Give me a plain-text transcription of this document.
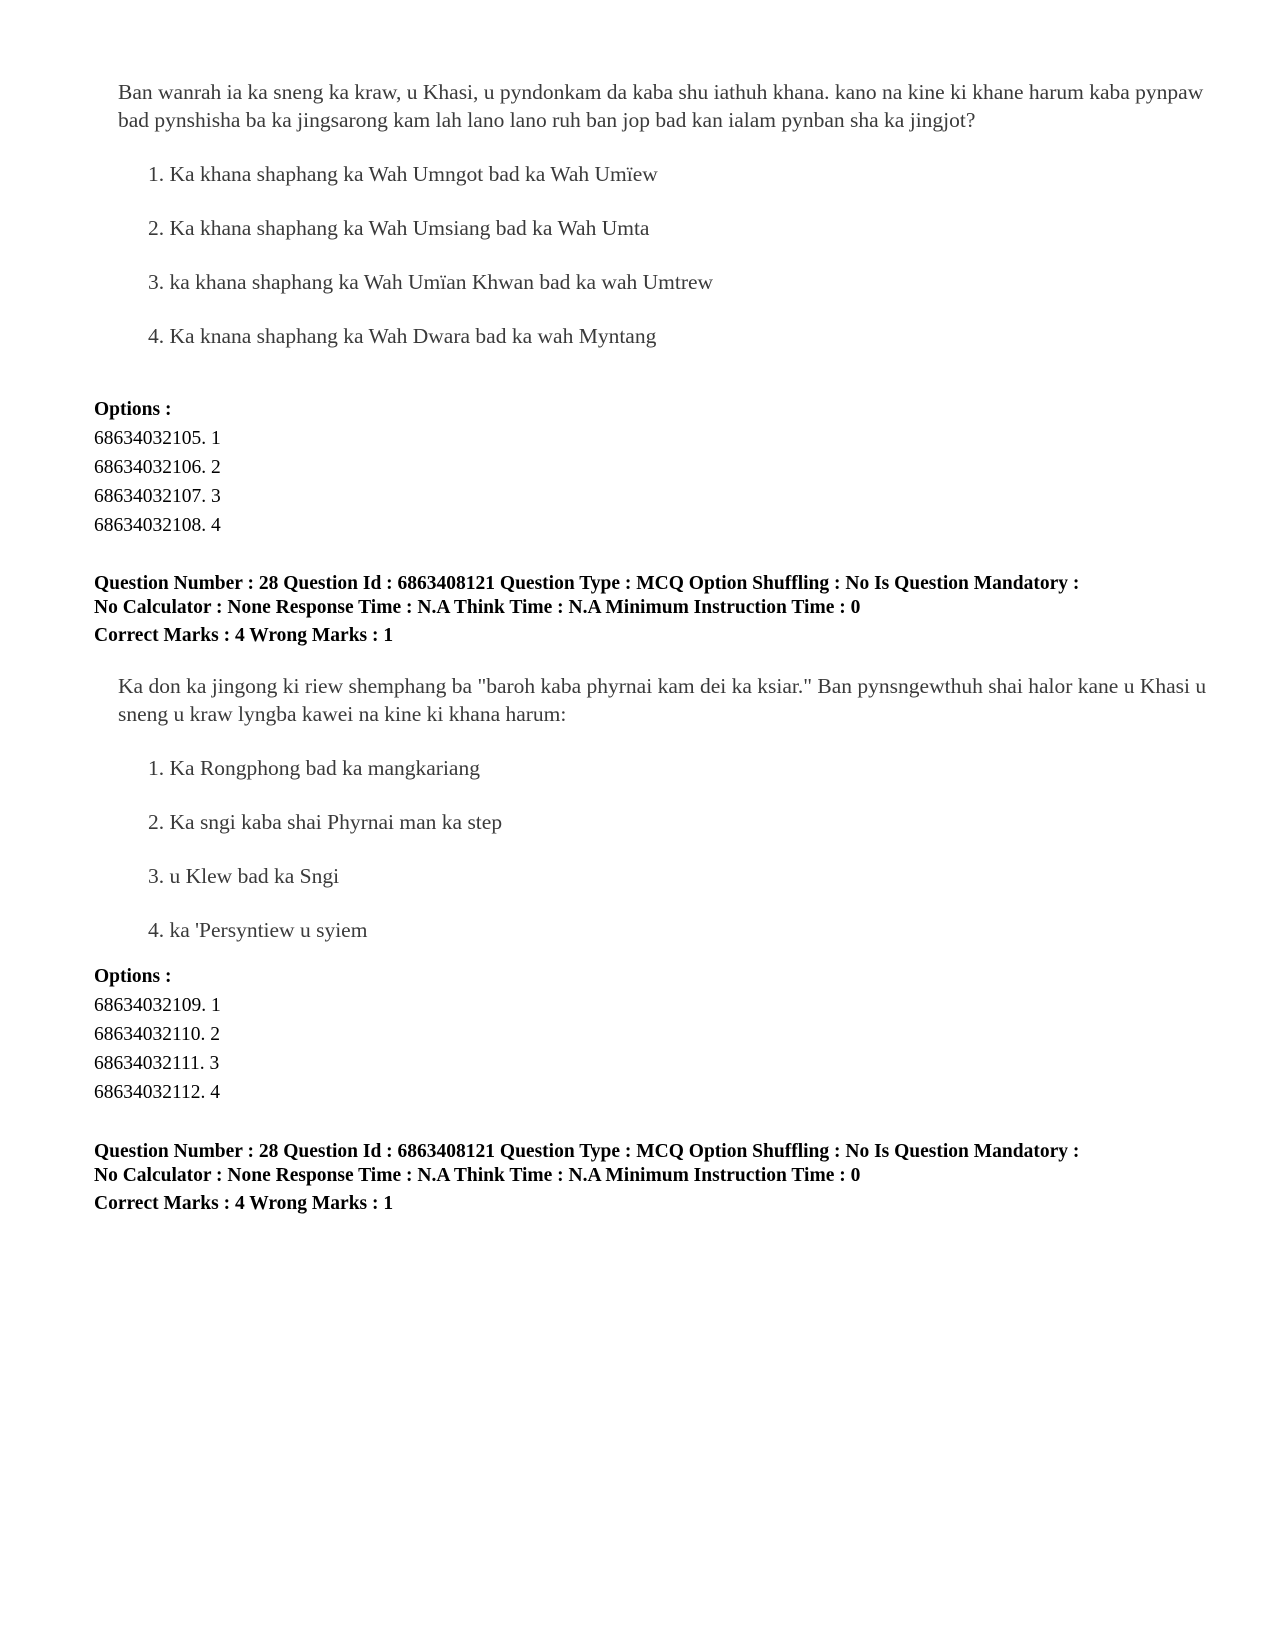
Ban wanrah ia ka sneng ka kraw, u Khasi, u pyndonkam da kaba shu iathuh khana. kano na kine ki khane harum kaba pynpaw bad pynshisha ba ka jingsarong kam lah lano lano ruh ban jop bad kan ialam pynban sha ka jingjot?

1. Ka khana shaphang ka Wah Umngot bad ka Wah Umïew
2. Ka khana shaphang ka Wah Umsiang bad ka Wah Umta
3. ka khana shaphang ka Wah Umïan Khwan bad ka wah Umtrew
4. Ka knana shaphang ka Wah Dwara bad ka wah Myntang
Options :
68634032105. 1
68634032106. 2
68634032107. 3
68634032108. 4
Question Number : 28 Question Id : 6863408121 Question Type : MCQ Option Shuffling : No Is Question Mandatory :
No Calculator : None Response Time : N.A Think Time : N.A Minimum Instruction Time : 0
Correct Marks : 4 Wrong Marks : 1

Ka don ka jingong ki riew shemphang ba "baroh kaba phyrnai kam dei ka ksiar." Ban pynsngewthuh shai halor kane u Khasi u sneng u kraw lyngba kawei na kine ki khana harum:

1. Ka Rongphong bad ka mangkariang
2. Ka sngi kaba shai Phyrnai man ka step
3. u Klew bad ka Sngi
4. ka 'Persyntiew u syiem
Options :
68634032109. 1
68634032110. 2
68634032111. 3
68634032112. 4
Question Number : 28 Question Id : 6863408121 Question Type : MCQ Option Shuffling : No Is Question Mandatory :
No Calculator : None Response Time : N.A Think Time : N.A Minimum Instruction Time : 0
Correct Marks : 4 Wrong Marks : 1
